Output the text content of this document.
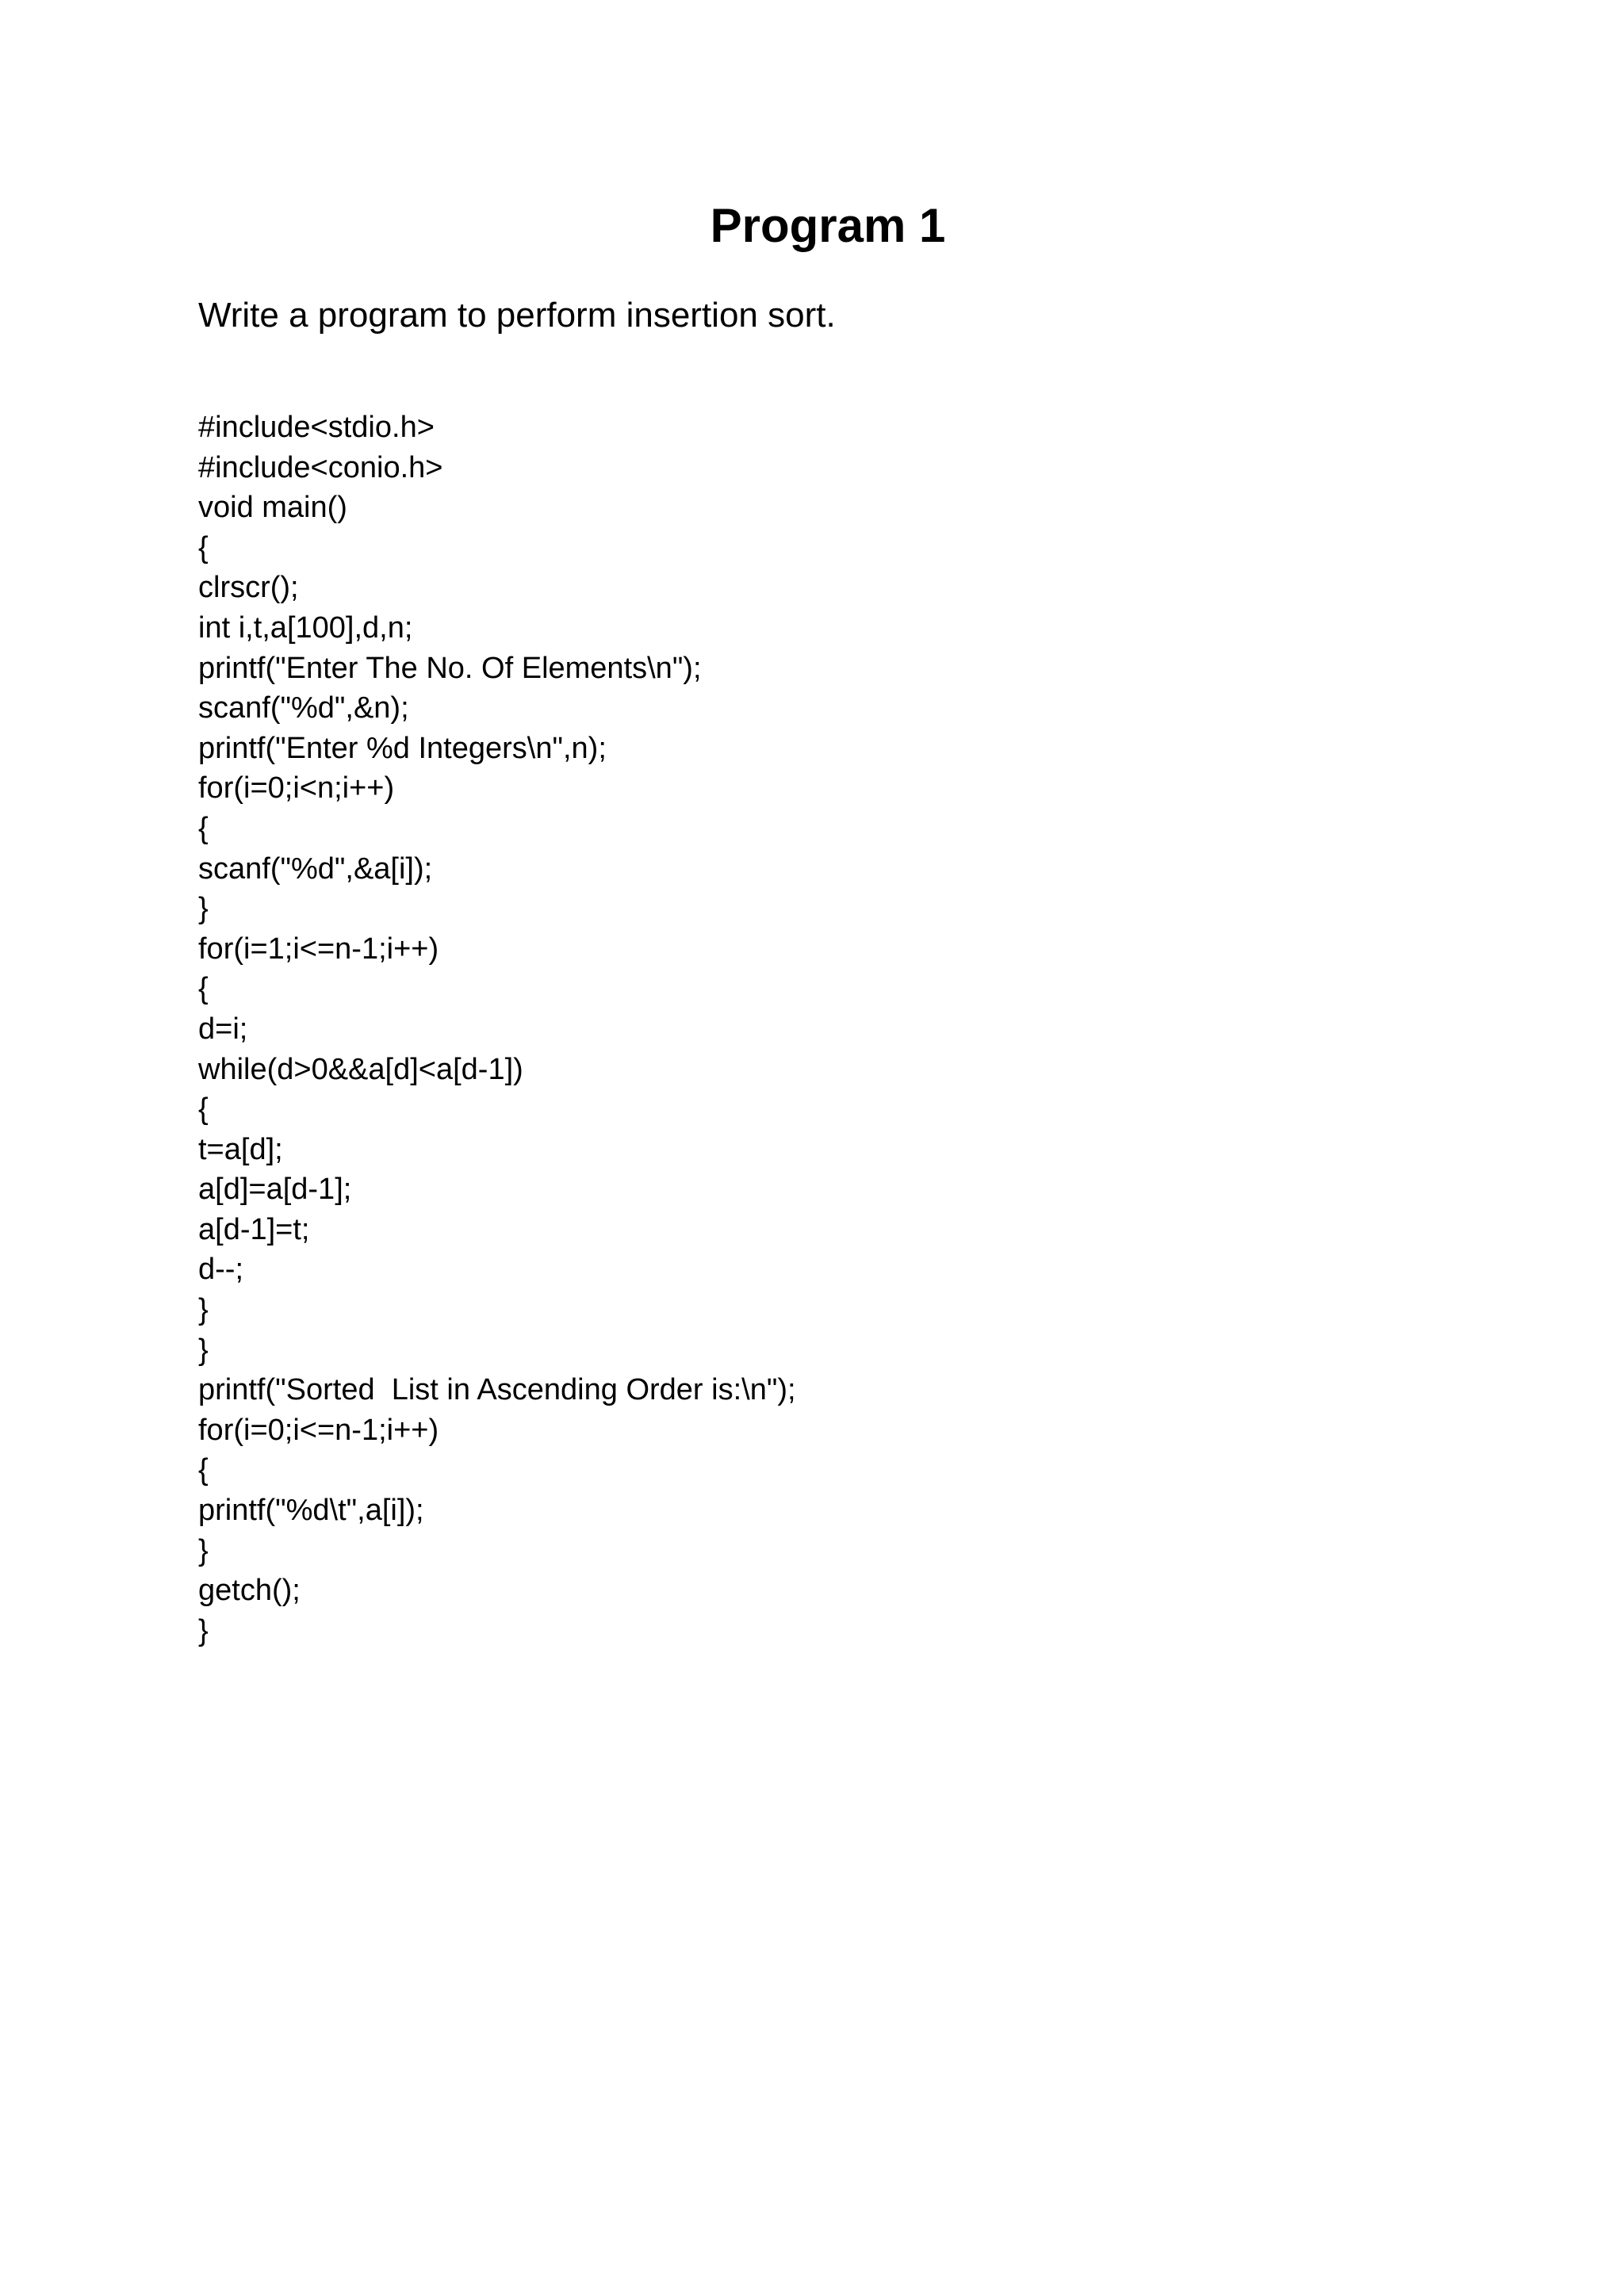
Program 1

Write a program to perform insertion sort.

#include<stdio.h>
#include<conio.h>
void main()
{
clrscr();
int i,t,a[100],d,n;
printf("Enter The No. Of Elements\n");
scanf("%d",&n);
printf("Enter %d Integers\n",n);
for(i=0;i<n;i++)
{
scanf("%d",&a[i]);
}
for(i=1;i<=n-1;i++)
{
d=i;
while(d>0&&a[d]<a[d-1])
{
t=a[d];
a[d]=a[d-1];
a[d-1]=t;
d--;
}
}
printf("Sorted  List in Ascending Order is:\n");
for(i=0;i<=n-1;i++)
{
printf("%d\t",a[i]);
}
getch();
}
